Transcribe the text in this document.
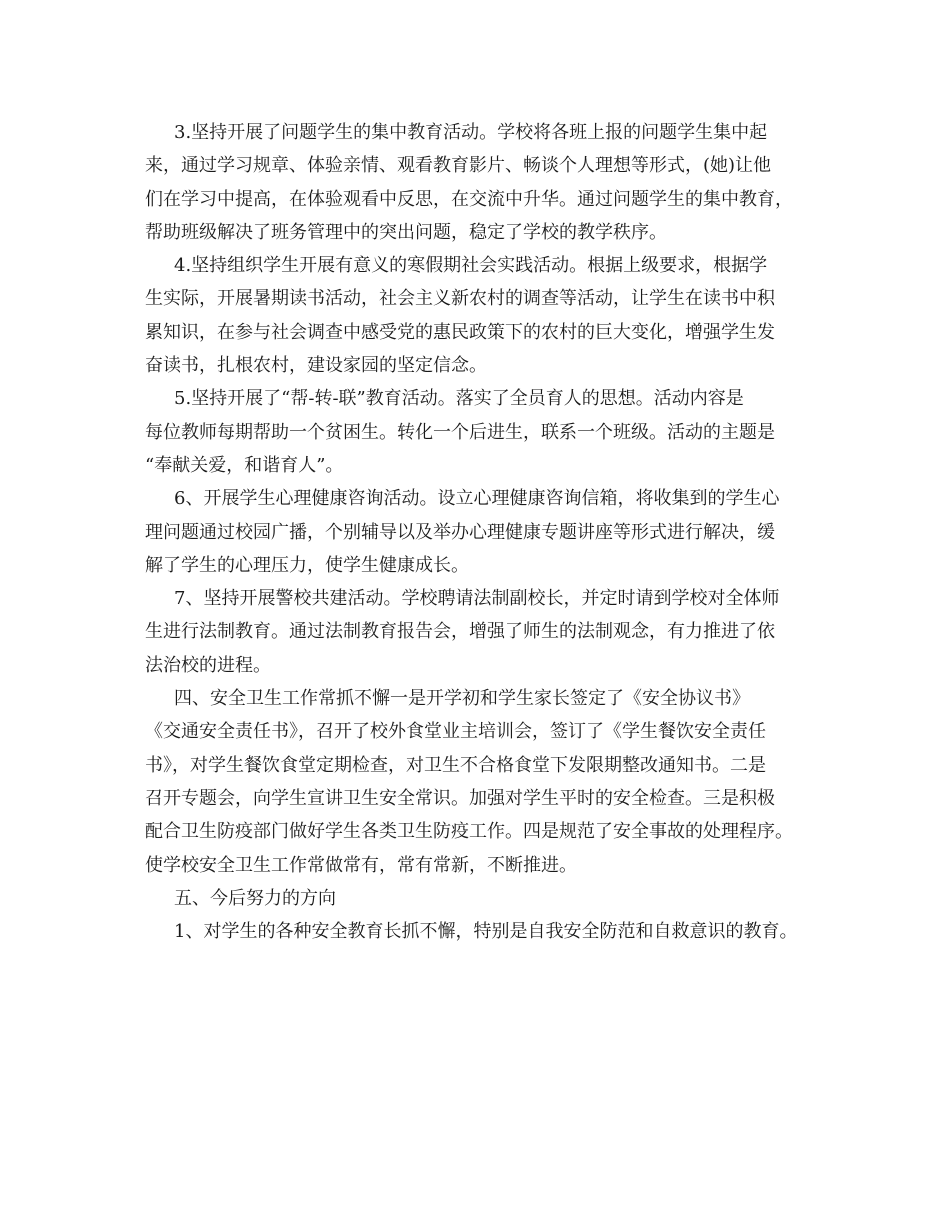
3.坚持开展了问题学生的集中教育活动。学校将各班上报的问题学生集中起
来，通过学习规章、体验亲情、观看教育影片、畅谈个人理想等形式，(她)让他
们在学习中提高，在体验观看中反思，在交流中升华。通过问题学生的集中教育，
帮助班级解决了班务管理中的突出问题，稳定了学校的教学秩序。
4.坚持组织学生开展有意义的寒假期社会实践活动。根据上级要求，根据学
生实际，开展暑期读书活动，社会主义新农村的调查等活动，让学生在读书中积
累知识，在参与社会调查中感受党的惠民政策下的农村的巨大变化，增强学生发
奋读书，扎根农村，建设家园的坚定信念。
5.坚持开展了“帮-转-联”教育活动。落实了全员育人的思想。活动内容是
每位教师每期帮助一个贫困生。转化一个后进生，联系一个班级。活动的主题是
“奉献关爱，和谐育人”。
6、开展学生心理健康咨询活动。设立心理健康咨询信箱，将收集到的学生心
理问题通过校园广播，个别辅导以及举办心理健康专题讲座等形式进行解决，缓
解了学生的心理压力，使学生健康成长。
7、坚持开展警校共建活动。学校聘请法制副校长，并定时请到学校对全体师
生进行法制教育。通过法制教育报告会，增强了师生的法制观念，有力推进了依
法治校的进程。
四、安全卫生工作常抓不懈一是开学初和学生家长签定了《安全协议书》
《交通安全责任书》，召开了校外食堂业主培训会，签订了《学生餐饮安全责任
书》，对学生餐饮食堂定期检查，对卫生不合格食堂下发限期整改通知书。二是
召开专题会，向学生宣讲卫生安全常识。加强对学生平时的安全检查。三是积极
配合卫生防疫部门做好学生各类卫生防疫工作。四是规范了安全事故的处理程序。
使学校安全卫生工作常做常有，常有常新，不断推进。
五、今后努力的方向
1、对学生的各种安全教育长抓不懈，特别是自我安全防范和自救意识的教育。
